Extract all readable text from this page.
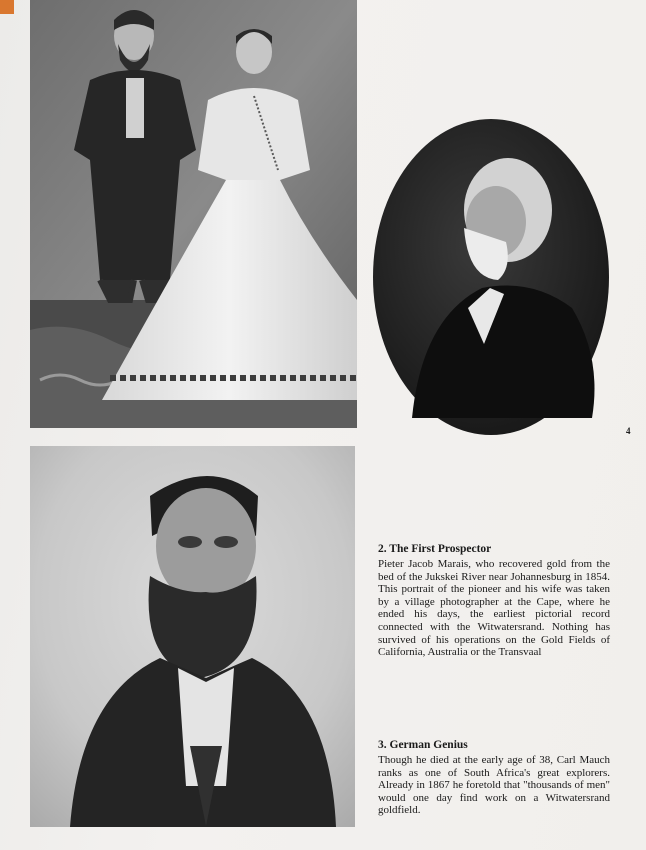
4
2. The First Prospector

Pieter Jacob Marais, who recovered gold from the bed of the Jukskei River near Johannesburg in 1854. This portrait of the pioneer and his wife was taken by a village photographer at the Cape, where he ended his days, the earliest pictorial record connected with the Witwatersrand. Nothing has survived of his operations on the Gold Fields of California, Australia or the Transvaal

3. German Genius

Though he died at the early age of 38, Carl Mauch ranks as one of South Africa's great explorers. Already in 1867 he foretold that "thousands of men" would one day find work on a Witwatersrand goldfield.
